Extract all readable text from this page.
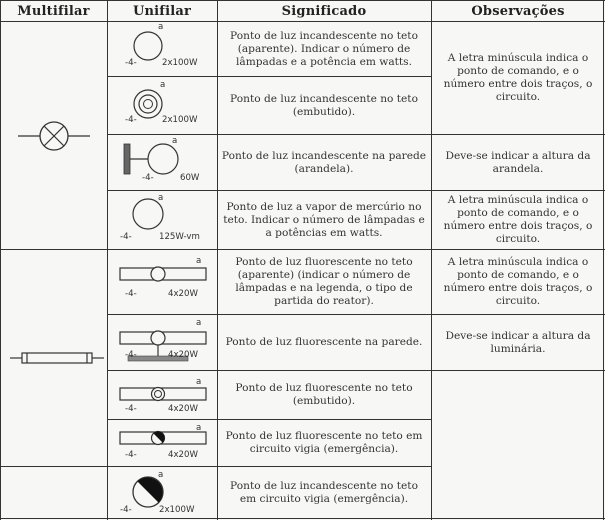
Multifilar	Unifilar	Significado	Observações
a
-4-	2x100W
Ponto de luz incandescente no teto (aparente). Indicar o número de lâmpadas e a potência em watts.	A letra minúscula indica o ponto de comando, e o número entre dois traços, o circuito.
a
-4-	2x100W
Ponto de luz incandescente no teto (embutido).
a
-4-	60W
Ponto de luz incandescente na parede (arandela).
Deve-se indicar a altura da arandela.
a
-4-	125W-vm
Ponto de luz a vapor de mercúrio no teto. Indicar o número de lâmpadas e a potências em watts.
A letra minúscula indica o ponto de comando, e o número entre dois traços, o circuito.
a
-4-	4x20W
Ponto de luz fluorescente no teto (aparente) (indicar o número de lâmpadas e na legenda, o tipo de partida do reator).
A letra minúscula indica o ponto de comando, e o número entre dois traços, o circuito.
a
-4-	4x20W
Ponto de luz fluorescente na parede.
Deve-se indicar a altura da luminária.
a
-4-	4x20W
Ponto de luz fluorescente no teto (embutido).
a
-4-	4x20W
Ponto de luz fluorescente no teto em circuito vigia (emergência).
a
-4-	2x100W
Ponto de luz incandescente no teto em circuito vigia (emergência).
